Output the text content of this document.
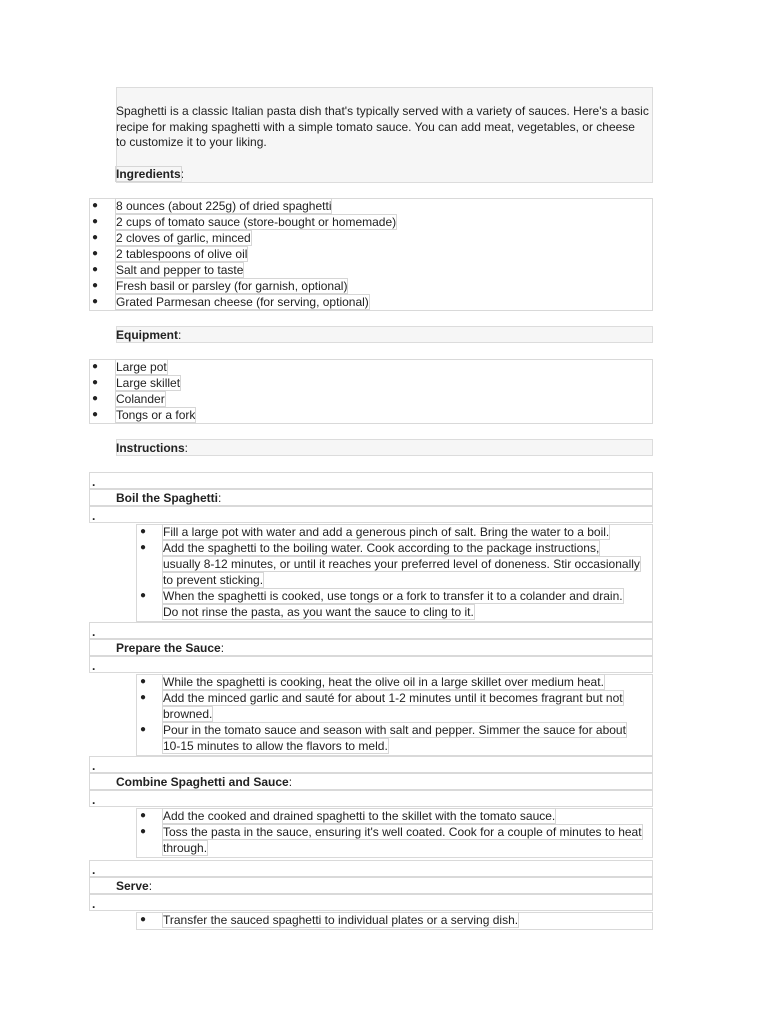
Spaghetti is a classic Italian pasta dish that's typically served with a variety of sauces. Here's a basic
recipe for making spaghetti with a simple tomato sauce. You can add meat, vegetables, or cheese
to customize it to your liking.
Ingredients:
Equipment:
Instructions:
● 8 ounces (about 225g) of dried spaghetti
● 2 cups of tomato sauce (store-bought or homemade)
● 2 cloves of garlic, minced
● 2 tablespoons of olive oil
● Salt and pepper to taste
● Fresh basil or parsley (for garnish, optional)
● Grated Parmesan cheese (for serving, optional)
● Large pot
● Large skillet
● Colander
● Tongs or a fork
.
Boil the Spaghetti:
.
● Fill a large pot with water and add a generous pinch of salt. Bring the water to a boil.
● Add the spaghetti to the boiling water. Cook according to the package instructions,
usually 8-12 minutes, or until it reaches your preferred level of doneness. Stir occasionally
to prevent sticking.
● When the spaghetti is cooked, use tongs or a fork to transfer it to a colander and drain.
Do not rinse the pasta, as you want the sauce to cling to it.
.
Prepare the Sauce:
.
● While the spaghetti is cooking, heat the olive oil in a large skillet over medium heat.
● Add the minced garlic and sauté for about 1-2 minutes until it becomes fragrant but not
browned.
● Pour in the tomato sauce and season with salt and pepper. Simmer the sauce for about
10-15 minutes to allow the flavors to meld.
.
Combine Spaghetti and Sauce:
.
● Add the cooked and drained spaghetti to the skillet with the tomato sauce.
● Toss the pasta in the sauce, ensuring it's well coated. Cook for a couple of minutes to heat
through.
.
Serve:
.
● Transfer the sauced spaghetti to individual plates or a serving dish.
